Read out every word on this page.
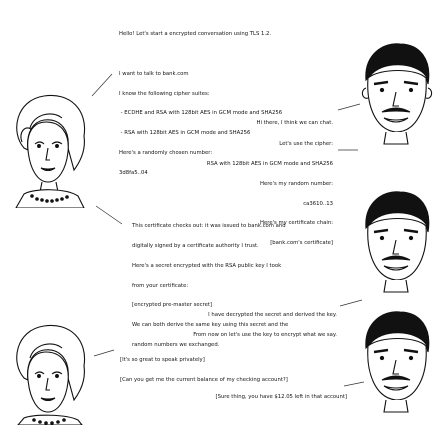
Hello! Let's start a encrypted conversation using TLS 1.2.

I want to talk to bank.com

I know the following cipher suites:

- ECDHE and RSA with 128bit AES in GCM mode and SHA256

- RSA with 128bit AES in GCM mode and SHA256

Here's a randomly chosen number:

3d8fa5..04

Hi there, I think we can chat.

Let's use the cipher:

RSA with 128bit AES in GCM mode and SHA256

Here's my random number:

ca3610..13

Here's my certificate chain:

[bank.com's certificate]

This certificate checks out: it was issued to bank.com and

digitally signed by a certificate authority I trust.

Here's a secret encrypted with the RSA public key I took

from your certificate:

[encrypted pre-master secret]

We can both derive the same key using this secret and the

random numbers we exchanged.

I have decrypted the secret and derived the key.

From now on let's use the key to encrypt what we say.

[It's so great to speak privately]

[Can you get me the current balance of my checking account?]

[Sure thing, you have $12.05 left in that account]
